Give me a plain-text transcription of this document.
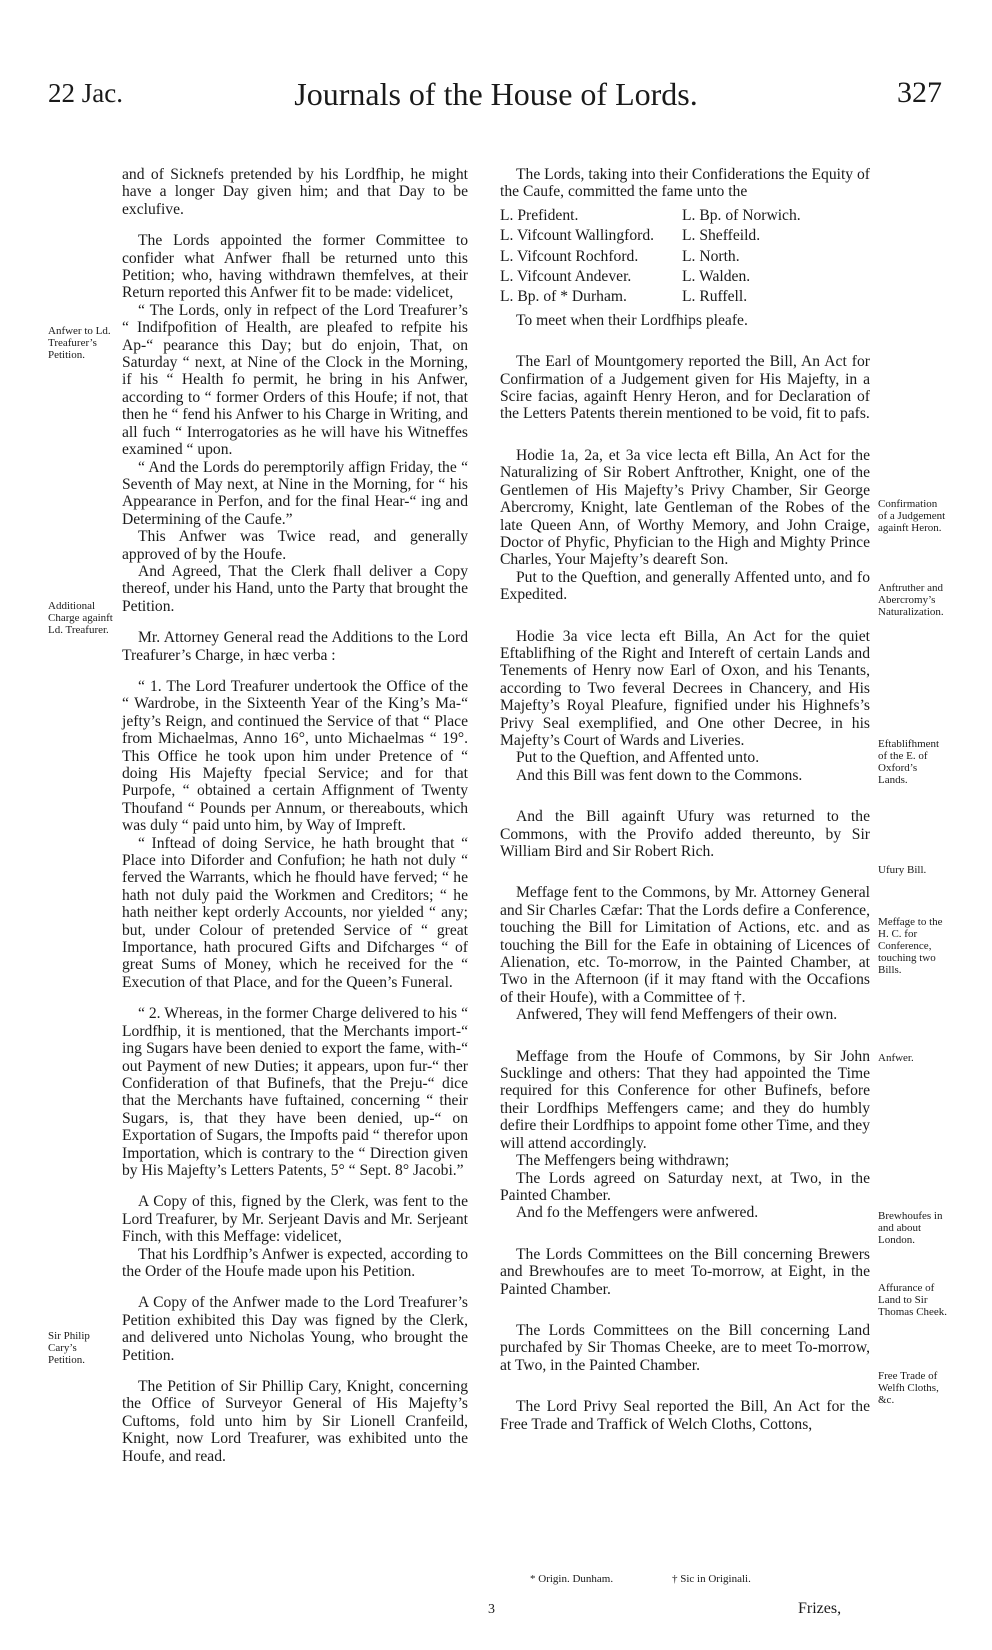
22 Jac.	Journals of the House of Lords.	327

and of Sicknefs pretended by his Lordfhip, he might have a longer Day given him; and that Day to be exclufive.

The Lords appointed the former Committee to confider what Anfwer fhall be returned unto this Petition; who, having withdrawn themfelves, at their Return reported this Anfwer fit to be made: videlicet,

“ The Lords, only in refpect of the Lord Treafurer’s “ Indifpofition of Health, are pleafed to refpite his Ap-“ pearance this Day; but do enjoin, That, on Saturday “ next, at Nine of the Clock in the Morning, if his “ Health fo permit, he bring in his Anfwer, according to “ former Orders of this Houfe; if not, that then he “ fend his Anfwer to his Charge in Writing, and all fuch “ Interrogatories as he will have his Witneffes examined “ upon.

“ And the Lords do peremptorily affign Friday, the “ Seventh of May next, at Nine in the Morning, for “ his Appearance in Perfon, and for the final Hear-“ ing and Determining of the Caufe.”

This Anfwer was Twice read, and generally approved of by the Houfe.

And Agreed, That the Clerk fhall deliver a Copy thereof, under his Hand, unto the Party that brought the Petition.

Mr. Attorney General read the Additions to the Lord Treafurer’s Charge, in hæc verba :

“ 1. The Lord Treafurer undertook the Office of the “ Wardrobe, in the Sixteenth Year of the King’s Ma-“ jefty’s Reign, and continued the Service of that “ Place from Michaelmas, Anno 16°, unto Michaelmas “ 19°. This Office he took upon him under Pretence of “ doing His Majefty fpecial Service; and for that Purpofe, “ obtained a certain Affignment of Twenty Thoufand “ Pounds per Annum, or thereabouts, which was duly “ paid unto him, by Way of Impreft.

“ Inftead of doing Service, he hath brought that “ Place into Diforder and Confufion; he hath not duly “ ferved the Warrants, which he fhould have ferved; “ he hath not duly paid the Workmen and Creditors; “ he hath neither kept orderly Accounts, nor yielded “ any; but, under Colour of pretended Service of “ great Importance, hath procured Gifts and Difcharges “ of great Sums of Money, which he received for the “ Execution of that Place, and for the Queen’s Funeral.

“ 2. Whereas, in the former Charge delivered to his “ Lordfhip, it is mentioned, that the Merchants import-“ ing Sugars have been denied to export the fame, with-“ out Payment of new Duties; it appears, upon fur-“ ther Confideration of that Bufinefs, that the Preju-“ dice that the Merchants have fuftained, concerning “ their Sugars, is, that they have been denied, up-“ on Exportation of Sugars, the Impofts paid “ therefor upon Importation, which is contrary to the “ Direction given by His Majefty’s Letters Patents, 5° “ Sept. 8° Jacobi.”

A Copy of this, figned by the Clerk, was fent to the Lord Treafurer, by Mr. Serjeant Davis and Mr. Serjeant Finch, with this Meffage: videlicet,

That his Lordfhip’s Anfwer is expected, according to the Order of the Houfe made upon his Petition.

A Copy of the Anfwer made to the Lord Treafurer’s Petition exhibited this Day was figned by the Clerk, and delivered unto Nicholas Young, who brought the Petition.

The Petition of Sir Phillip Cary, Knight, concerning the Office of Surveyor General of His Majefty’s Cuftoms, fold unto him by Sir Lionell Cranfeild, Knight, now Lord Treafurer, was exhibited unto the Houfe, and read.

Anfwer to Ld. Treafurer’s Petition.
Additional Charge againft Ld. Treafurer.
Sir Philip Cary’s Petition.

The Lords, taking into their Confiderations the Equity of the Caufe, committed the fame unto the

L. Prefident.	L. Bp. of Norwich.
L. Vifcount Wallingford.	L. Sheffeild.
L. Vifcount Rochford.	L. North.
L. Vifcount Andever.	L. Walden.
L. Bp. of * Durham.	L. Ruffell.

To meet when their Lordfhips pleafe.

The Earl of Mountgomery reported the Bill, An Act for Confirmation of a Judgement given for His Majefty, in a Scire facias, againft Henry Heron, and for Declaration of the Letters Patents therein mentioned to be void, fit to pafs.

Hodie 1a, 2a, et 3a vice lecta eft Billa, An Act for the Naturalizing of Sir Robert Anftrother, Knight, one of the Gentlemen of His Majefty’s Privy Chamber, Sir George Abercromy, Knight, late Gentleman of the Robes of the late Queen Ann, of Worthy Memory, and John Craige, Doctor of Phyfic, Phyfician to the High and Mighty Prince Charles, Your Majefty’s deareft Son.

Put to the Queftion, and generally Affented unto, and fo Expedited.

Hodie 3a vice lecta eft Billa, An Act for the quiet Eftablifhing of the Right and Intereft of certain Lands and Tenements of Henry now Earl of Oxon, and his Tenants, according to Two feveral Decrees in Chancery, and His Majefty’s Royal Pleafure, fignified under his Highnefs’s Privy Seal exemplified, and One other Decree, in his Majefty’s Court of Wards and Liveries.

Put to the Queftion, and Affented unto.

And this Bill was fent down to the Commons.

And the Bill againft Ufury was returned to the Commons, with the Provifo added thereunto, by Sir William Bird and Sir Robert Rich.

Meffage fent to the Commons, by Mr. Attorney General and Sir Charles Cæfar: That the Lords defire a Conference, touching the Bill for Limitation of Actions, etc. and as touching the Bill for the Eafe in obtaining of Licences of Alienation, etc. To-morrow, in the Painted Chamber, at Two in the Afternoon (if it may ftand with the Occafions of their Houfe), with a Committee of †.

Anfwered, They will fend Meffengers of their own.

Meffage from the Houfe of Commons, by Sir John Sucklinge and others: That they had appointed the Time required for this Conference for other Bufinefs, before their Lordfhips Meffengers came; and they do humbly defire their Lordfhips to appoint fome other Time, and they will attend accordingly.

The Meffengers being withdrawn;

The Lords agreed on Saturday next, at Two, in the Painted Chamber.

And fo the Meffengers were anfwered.

The Lords Committees on the Bill concerning Brewers and Brewhoufes are to meet To-morrow, at Eight, in the Painted Chamber.

The Lords Committees on the Bill concerning Land purchafed by Sir Thomas Cheeke, are to meet To-morrow, at Two, in the Painted Chamber.

The Lord Privy Seal reported the Bill, An Act for the Free Trade and Traffick of Welch Cloths, Cottons,

Confirmation of a Judgement againft Heron.
Anftruther and Abercromy’s Naturalization.
Eftablifhment of the E. of Oxford’s Lands.
Ufury Bill.
Meffage to the H. C. for Conference, touching two Bills.
Anfwer.
Brewhoufes in and about London.
Affurance of Land to Sir Thomas Cheek.
Free Trade of Welfh Cloths, &c.
* Origin. Dunham.	† Sic in Originali.
3	Frizes,
